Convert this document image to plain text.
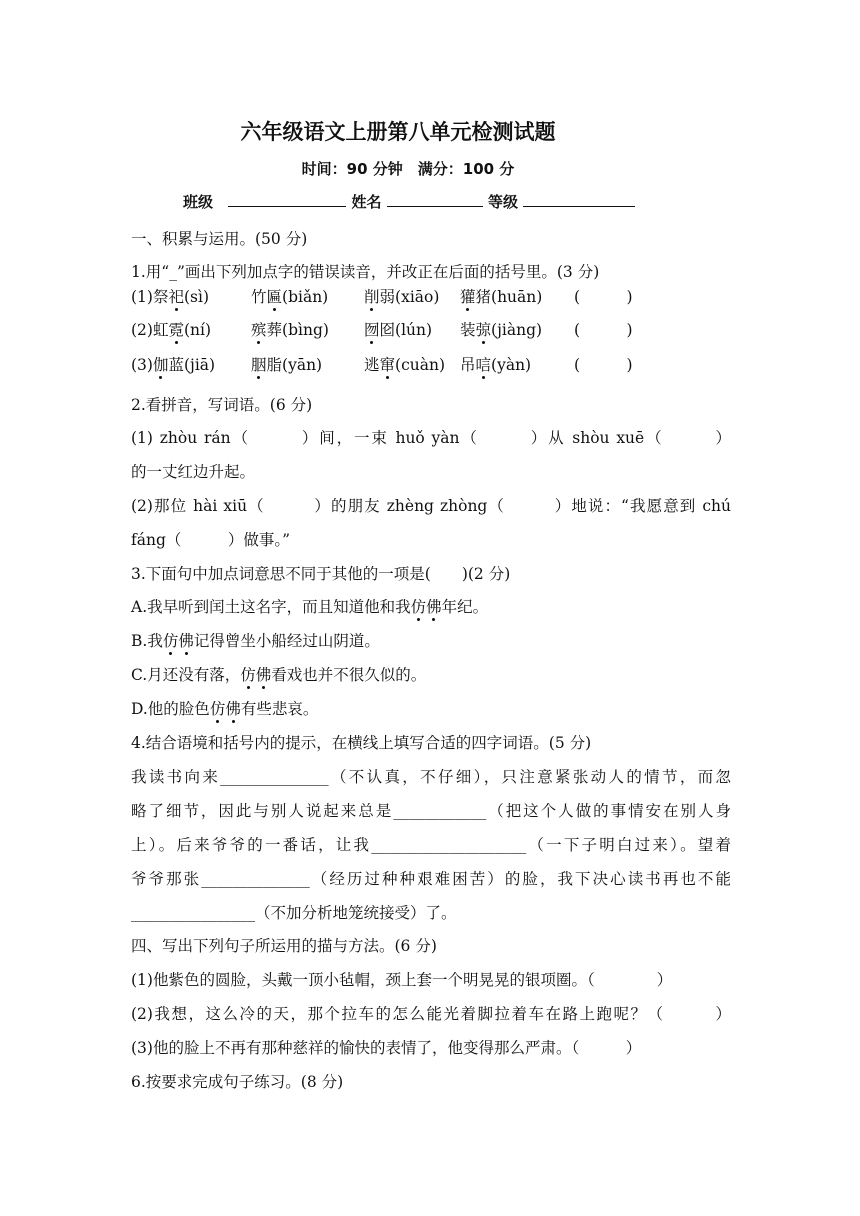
六年级语文上册第八单元检测试题
时间：90 分钟　满分：100 分
班级	姓名	等级
一、积累与运用。(50 分)
1.用“_”画出下列加点字的错误读音，并改正在后面的括号里。(3 分)
(1)祭祀(sì)	竹匾(biǎn) 削弱(xiāo) 獾猪(huān) (　　　)
(2)虹霓(ní)	殡葬(bìng) 囫囵(lún) 装弶(jiàng) (　　　)
(3)伽蓝(jiā) 胭脂(yān)	逃窜(cuàn) 吊唁(yàn)	(　　　)
2.看拼音，写词语。(6 分)
(1) zhòu rán（　　　）间，一束 huǒ yàn（　　　）从 shòu xuē（　　　）
的一丈红边升起。
(2)那位 hài xiū（　　　）的朋友 zhèng zhòng（　　　）地说：“我愿意到 chú
fáng（　　　）做事。”
3.下面句中加点词意思不同于其他的一项是(　　)(2 分)
A.我早听到闰土这名字，而且知道他和我仿佛年纪。
B.我仿佛记得曾坐小船经过山阴道。
C.月还没有落，仿佛看戏也并不很久似的。
D.他的脸色仿佛有些悲哀。
4.结合语境和括号内的提示，在横线上填写合适的四字词语。(5 分)
我读书向来______________（不认真，不仔细），只注意紧张动人的情节，而忽
略了细节，因此与别人说起来总是____________（把这个人做的事情安在别人身
上）。后来爷爷的一番话，让我____________________（一下子明白过来）。望着
爷爷那张______________（经历过种种艰难困苦）的脸，我下决心读书再也不能
________________（不加分析地笼统接受）了。
四、写出下列句子所运用的描与方法。(6 分)
(1)他紫色的圆脸，头戴一顶小毡帽，颈上套一个明晃晃的银项圈。（　　　　）
(2)我想，这么冷的天，那个拉车的怎么能光着脚拉着车在路上跑呢？（　　　）
(3)他的脸上不再有那种慈祥的愉快的表情了，他变得那么严肃。（　　　）
6.按要求完成句子练习。(8 分)
